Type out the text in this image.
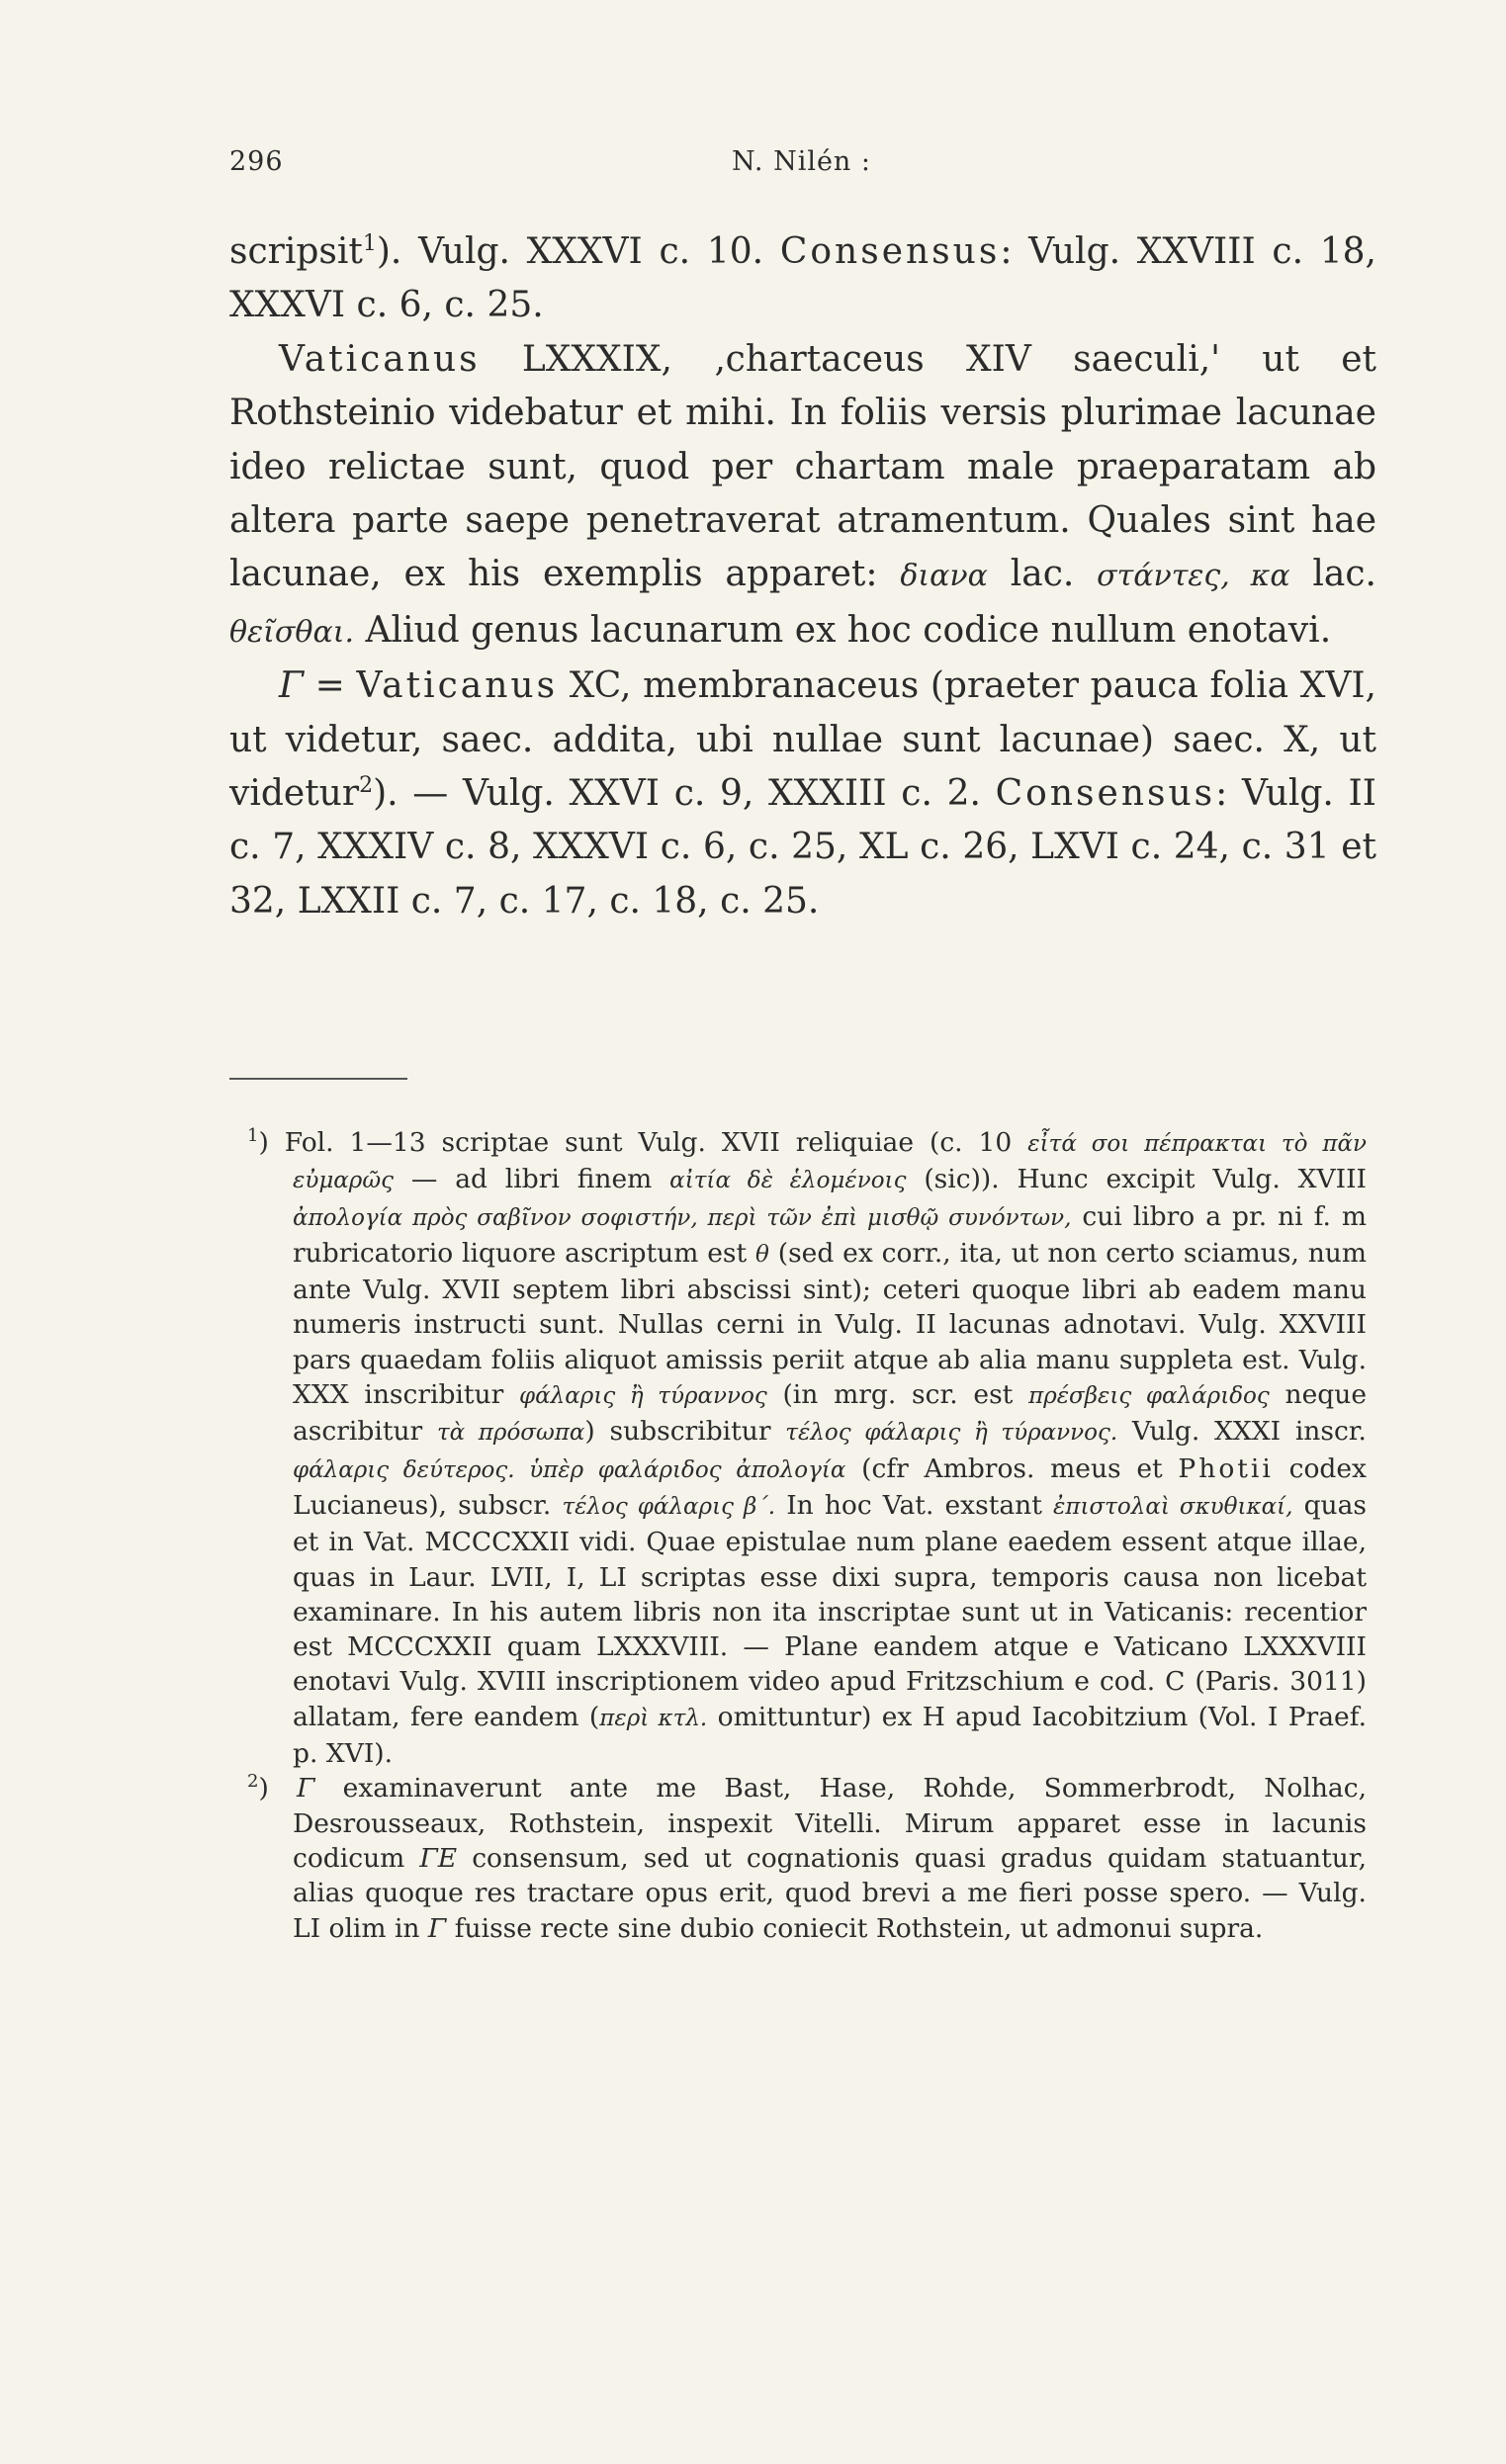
296	N. Nilén :

scripsit$^1$). Vulg. XXXVI c. 10. Consensus: Vulg. XXVIII c. 18, XXXVI c. 6, c. 25.

Vaticanus LXXXIX, ‚chartaceus XIV saeculi,' ut et Rothsteinio videbatur et mihi. In foliis versis plurimae lacunae ideo relictae sunt, quod per chartam male praeparatam ab altera parte saepe penetraverat atramentum. Quales sint hae lacunae, ex his exemplis apparet: διανα lac. στάντες, κα lac. θεῖσθαι. Aliud genus lacunarum ex hoc codice nullum enotavi.

Γ = Vaticanus XC, membranaceus (praeter pauca folia XVI, ut videtur, saec. addita, ubi nullae sunt lacunae) saec. X, ut videtur$^2$). — Vulg. XXVI c. 9, XXXIII c. 2. Consensus: Vulg. II c. 7, XXXIV c. 8, XXXVI c. 6, c. 25, XL c. 26, LXVI c. 24, c. 31 et 32, LXXII c. 7, c. 17, c. 18, c. 25.

$^1$) Fol. 1—13 scriptae sunt Vulg. XVII reliquiae (c. 10 εἶτά σοι πέπρακται τὸ πᾶν εὐμαρῶς — ad libri finem αἰτία δὲ ἑλομένοις (sic)). Hunc excipit Vulg. XVIII ἀπολογία πρὸς σαβῖνον σοφιστήν, περὶ τῶν ἐπὶ μισθῷ συνόντων, cui libro a pr. ni f. m rubricatorio liquore ascriptum est θ (sed ex corr., ita, ut non certo sciamus, num ante Vulg. XVII septem libri abscissi sint); ceteri quoque libri ab eadem manu numeris instructi sunt. Nullas cerni in Vulg. II lacunas adnotavi. Vulg. XXVIII pars quaedam foliis aliquot amissis periit atque ab alia manu suppleta est. Vulg. XXX inscribitur φάλαρις ἢ τύραννος (in mrg. scr. est πρέσβεις φαλάριδος neque ascribitur τὰ πρόσωπα) subscribitur τέλος φάλαρις ἢ τύραννος. Vulg. XXXI inscr. φάλαρις δεύτερος. ὑπὲρ φαλάριδος ἀπολογία (cfr Ambros. meus et Photii codex Lucianeus), subscr. τέλος φάλαρις β΄. In hoc Vat. exstant ἐπιστολαὶ σκυθικαί, quas et in Vat. MCCCXXII vidi. Quae epistulae num plane eaedem essent atque illae, quas in Laur. LVII, I, LI scriptas esse dixi supra, temporis causa non licebat examinare. In his autem libris non ita inscriptae sunt ut in Vaticanis: recentior est MCCCXXII quam LXXXVIII. — Plane eandem atque e Vaticano LXXXVIII enotavi Vulg. XVIII inscriptionem video apud Fritzschium e cod. C (Paris. 3011) allatam, fere eandem (περὶ κτλ. omittuntur) ex H apud Iacobitzium (Vol. I Praef. p. XVI).

$^2$) Γ examinaverunt ante me Bast, Hase, Rohde, Sommerbrodt, Nolhac, Desrousseaux, Rothstein, inspexit Vitelli. Mirum apparet esse in lacunis codicum ΓE consensum, sed ut cognationis quasi gradus quidam statuantur, alias quoque res tractare opus erit, quod brevi a me fieri posse spero. — Vulg. LI olim in Γ fuisse recte sine dubio coniecit Rothstein, ut admonui supra.
